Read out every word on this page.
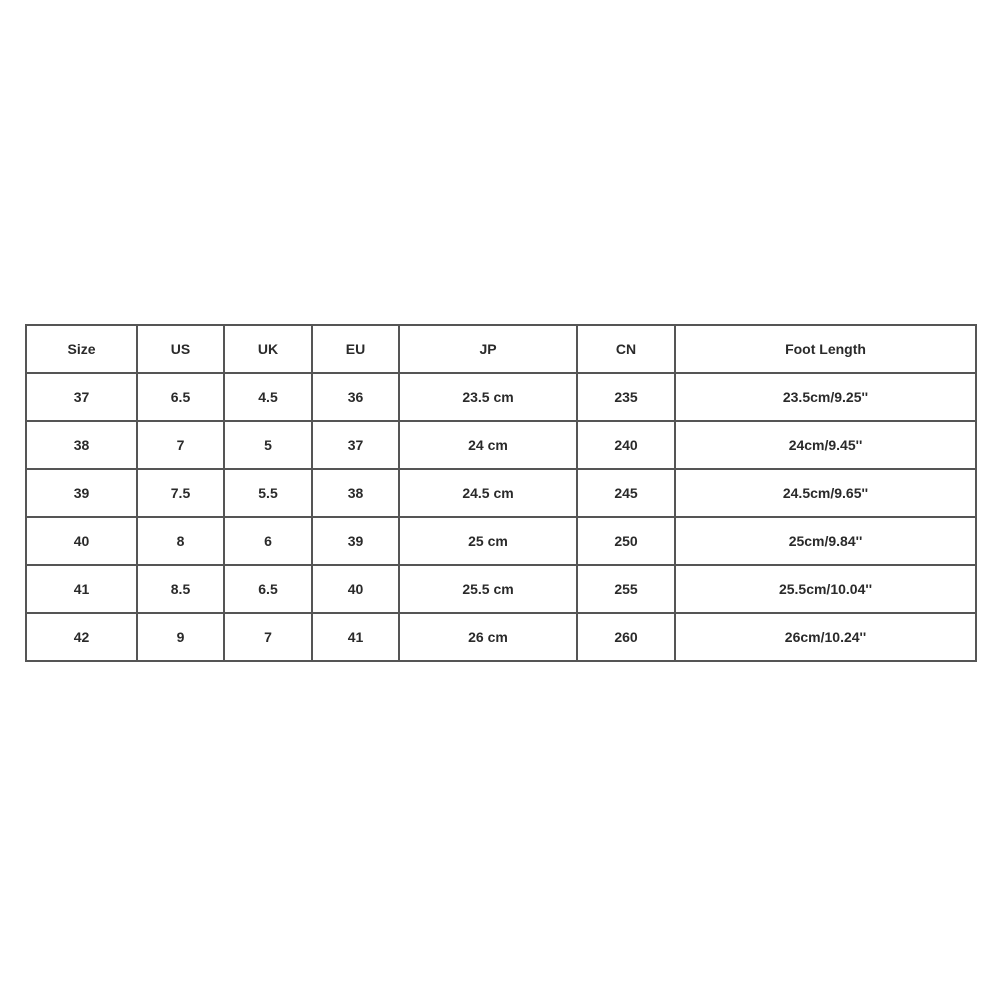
Size	US	UK	EU	JP	CN	Foot Length
37	6.5	4.5	36	23.5 cm	235	23.5cm/9.25''
38	7	5	37	24 cm	240	24cm/9.45''
39	7.5	5.5	38	24.5 cm	245	24.5cm/9.65''
40	8	6	39	25 cm	250	25cm/9.84''
41	8.5	6.5	40	25.5 cm	255	25.5cm/10.04''
42	9	7	41	26 cm	260	26cm/10.24''
